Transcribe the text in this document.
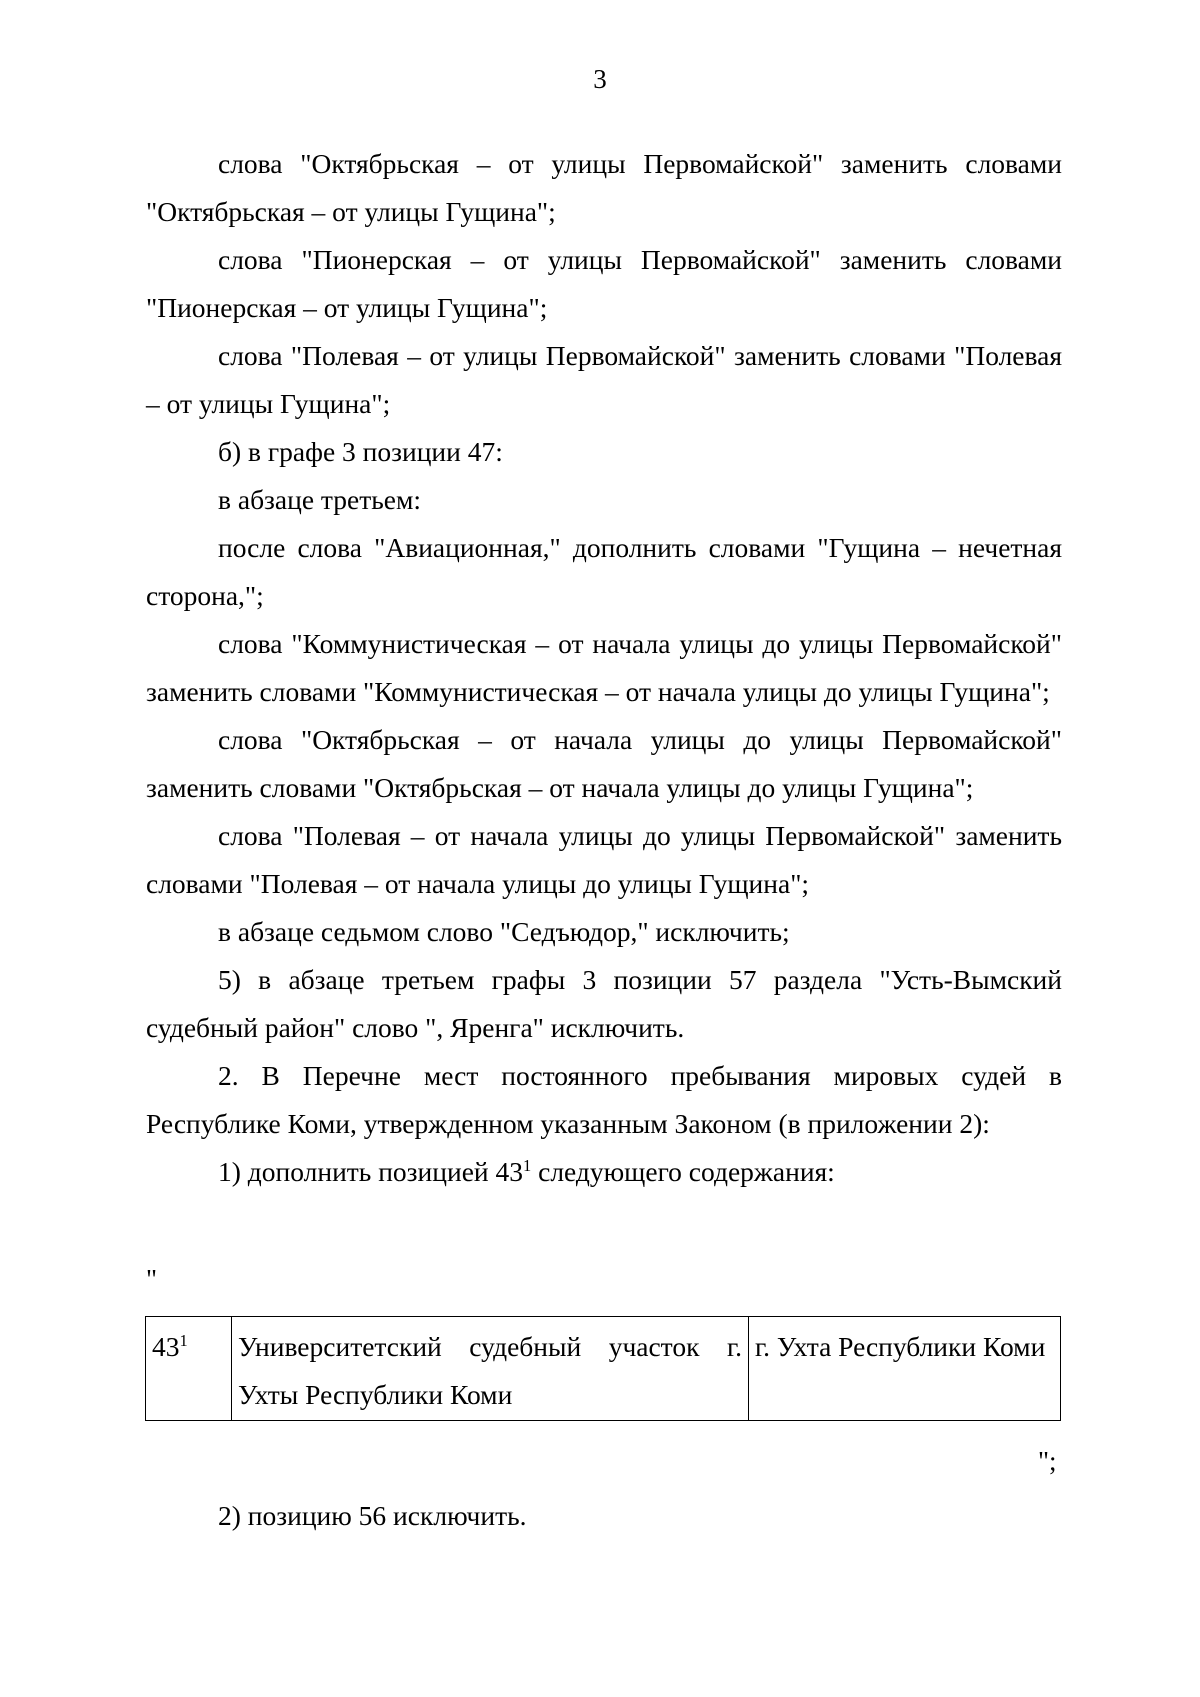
3

слова "Октябрьская – от улицы Первомайской" заменить словами "Октябрьская – от улицы Гущина";

слова "Пионерская – от улицы Первомайской" заменить словами "Пионерская – от улицы Гущина";

слова "Полевая – от улицы Первомайской" заменить словами "Полевая – от улицы Гущина";

б) в графе 3 позиции 47:

в абзаце третьем:

после слова "Авиационная," дополнить словами "Гущина – нечетная сторона,";

слова "Коммунистическая – от начала улицы до улицы Первомайской" заменить словами "Коммунистическая – от начала улицы до улицы Гущина";

слова "Октябрьская – от начала улицы до улицы Первомайской" заменить словами "Октябрьская – от начала улицы до улицы Гущина";

слова "Полевая – от начала улицы до улицы Первомайской" заменить словами "Полевая – от начала улицы до улицы Гущина";

в абзаце седьмом слово "Седъюдор," исключить;

5) в абзаце третьем графы 3 позиции 57 раздела "Усть-Вымский судебный район" слово ", Яренга" исключить.

2. В Перечне мест постоянного пребывания мировых судей в Республике Коми, утвержденном указанным Законом (в приложении 2):

1) дополнить позицией $43^1$ следующего содержания:

"
$43^1$	Университетский судебный участок г. Ухты Республики Коми	г. Ухта Республики Коми
";
2) позицию 56 исключить.
